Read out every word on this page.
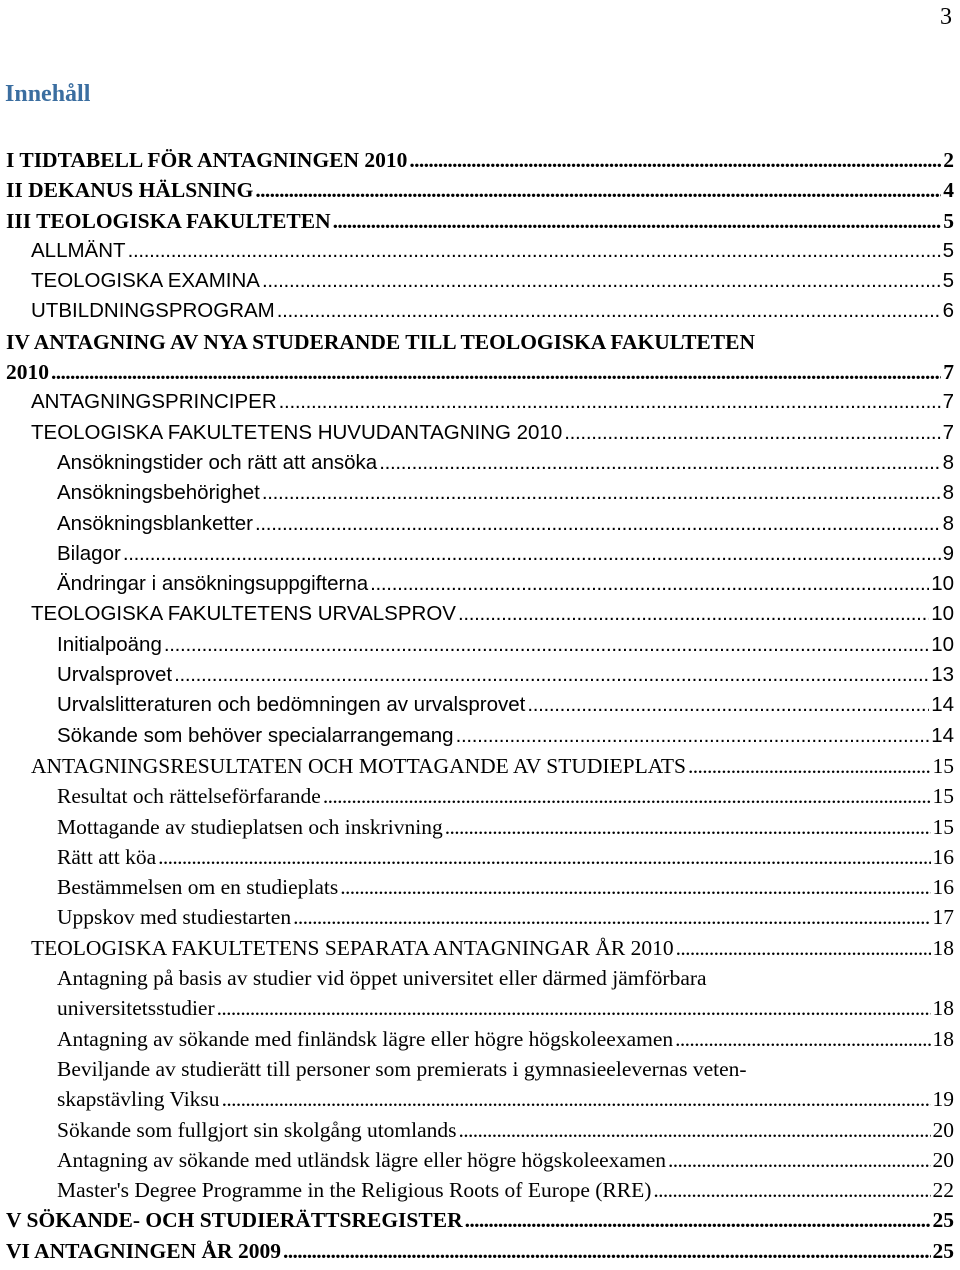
3
Innehåll
I TIDTABELL FÖR ANTAGNINGEN 2010 . . .	2
II DEKANUS HÄLSNING . . .	4
III TEOLOGISKA FAKULTETEN . . .	5
ALLMÄNT . . .	5
TEOLOGISKA EXAMINA . . .	5
UTBILDNINGSPROGRAM . . .	6
IV ANTAGNING AV NYA STUDERANDE TILL TEOLOGISKA FAKULTETEN
2010 . . .	7
ANTAGNINGSPRINCIPER . . .	7
TEOLOGISKA FAKULTETENS HUVUDANTAGNING 2010 . . .	7
Ansökningstider och rätt att ansöka . . .	8
Ansökningsbehörighet . . .	8
Ansökningsblanketter . . .	8
Bilagor . . .	9
Ändringar i ansökningsuppgifterna . . .	10
TEOLOGISKA FAKULTETENS URVALSPROV . . .	10
Initialpoäng . . .	10
Urvalsprovet . . .	13
Urvalslitteraturen och bedömningen av urvalsprovet . . .	14
Sökande som behöver specialarrangemang . . .	14
ANTAGNINGSRESULTATEN OCH MOTTAGANDE AV STUDIEPLATS . . .	15
Resultat och rättelseförfarande . . .	15
Mottagande av studieplatsen och inskrivning . . .	15
Rätt att köa . . .	16
Bestämmelsen om en studieplats . . .	16
Uppskov med studiestarten . . .	17
TEOLOGISKA FAKULTETENS SEPARATA ANTAGNINGAR ÅR 2010 . . .	18
Antagning på basis av studier vid öppet universitet eller därmed jämförbara
universitetsstudier . . .	18
Antagning av sökande med finländsk lägre eller högre högskoleexamen . . .	18
Beviljande av studierätt till personer som premierats i gymnasieelevernas veten-
skapstävling Viksu . . .	19
Sökande som fullgjort sin skolgång utomlands . . .	20
Antagning av sökande med utländsk lägre eller högre högskoleexamen . . .	20
Master's Degree Programme in the Religious Roots of Europe (RRE) . . .	22
V SÖKANDE- OCH STUDIERÄTTSREGISTER . . .	25
VI ANTAGNINGEN ÅR 2009 . . .	25
